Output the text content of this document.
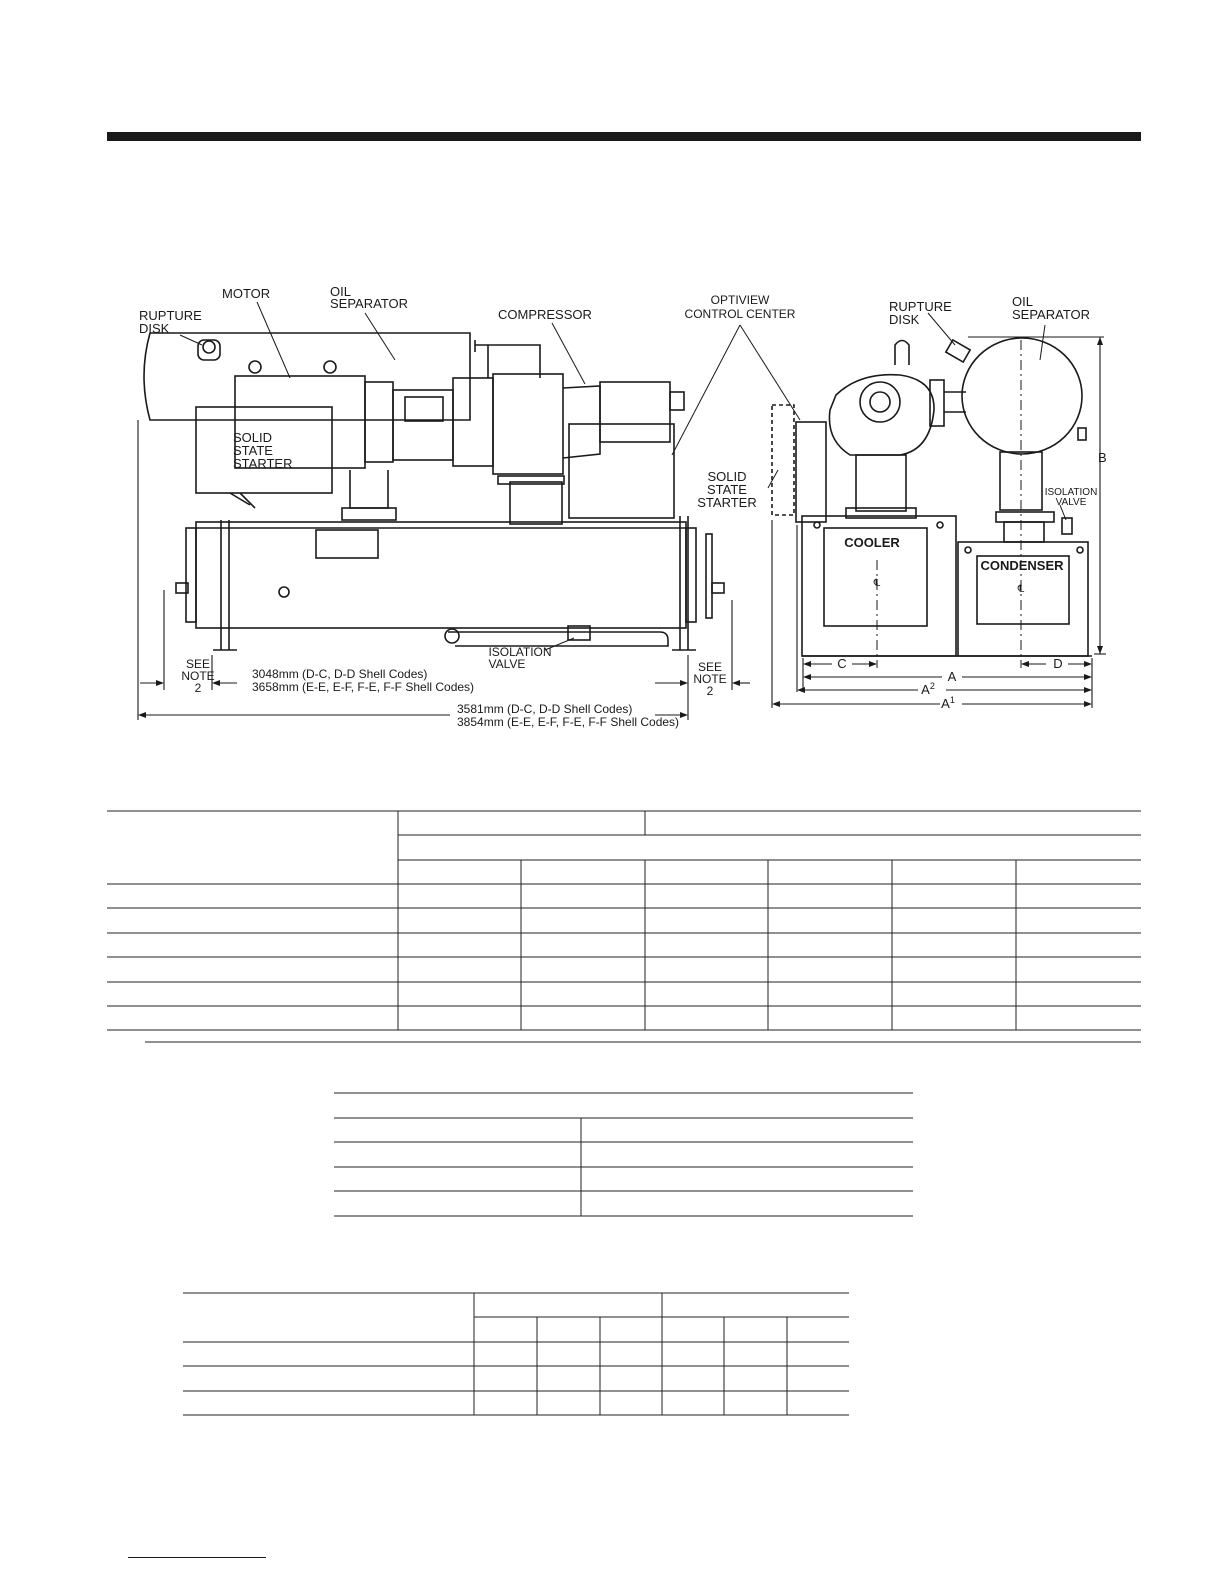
RUPTURE
DISK
MOTOR	OIL
SEPARATOR
COMPRESSOR
OPTIVIEW
CONTROL CENTER
SOLID
STATE
STARTER
ISOLATION
VALVE
SEE
NOTE
2
SEE
NOTE
2
3048mm (D-C, D-D Shell Codes)
3658mm (E-E, E-F, F-E, F-F Shell Codes)
3581mm (D-C, D-D Shell Codes)
3854mm (E-E, E-F, F-E, F-F Shell Codes)
RUPTURE
DISK
OIL
SEPARATOR
SOLID
STATE
STARTER
ISOLATION
VALVE
COOLER
CONDENSER
℄
℄
B
C	D
A
$A^2$
$A^1$
